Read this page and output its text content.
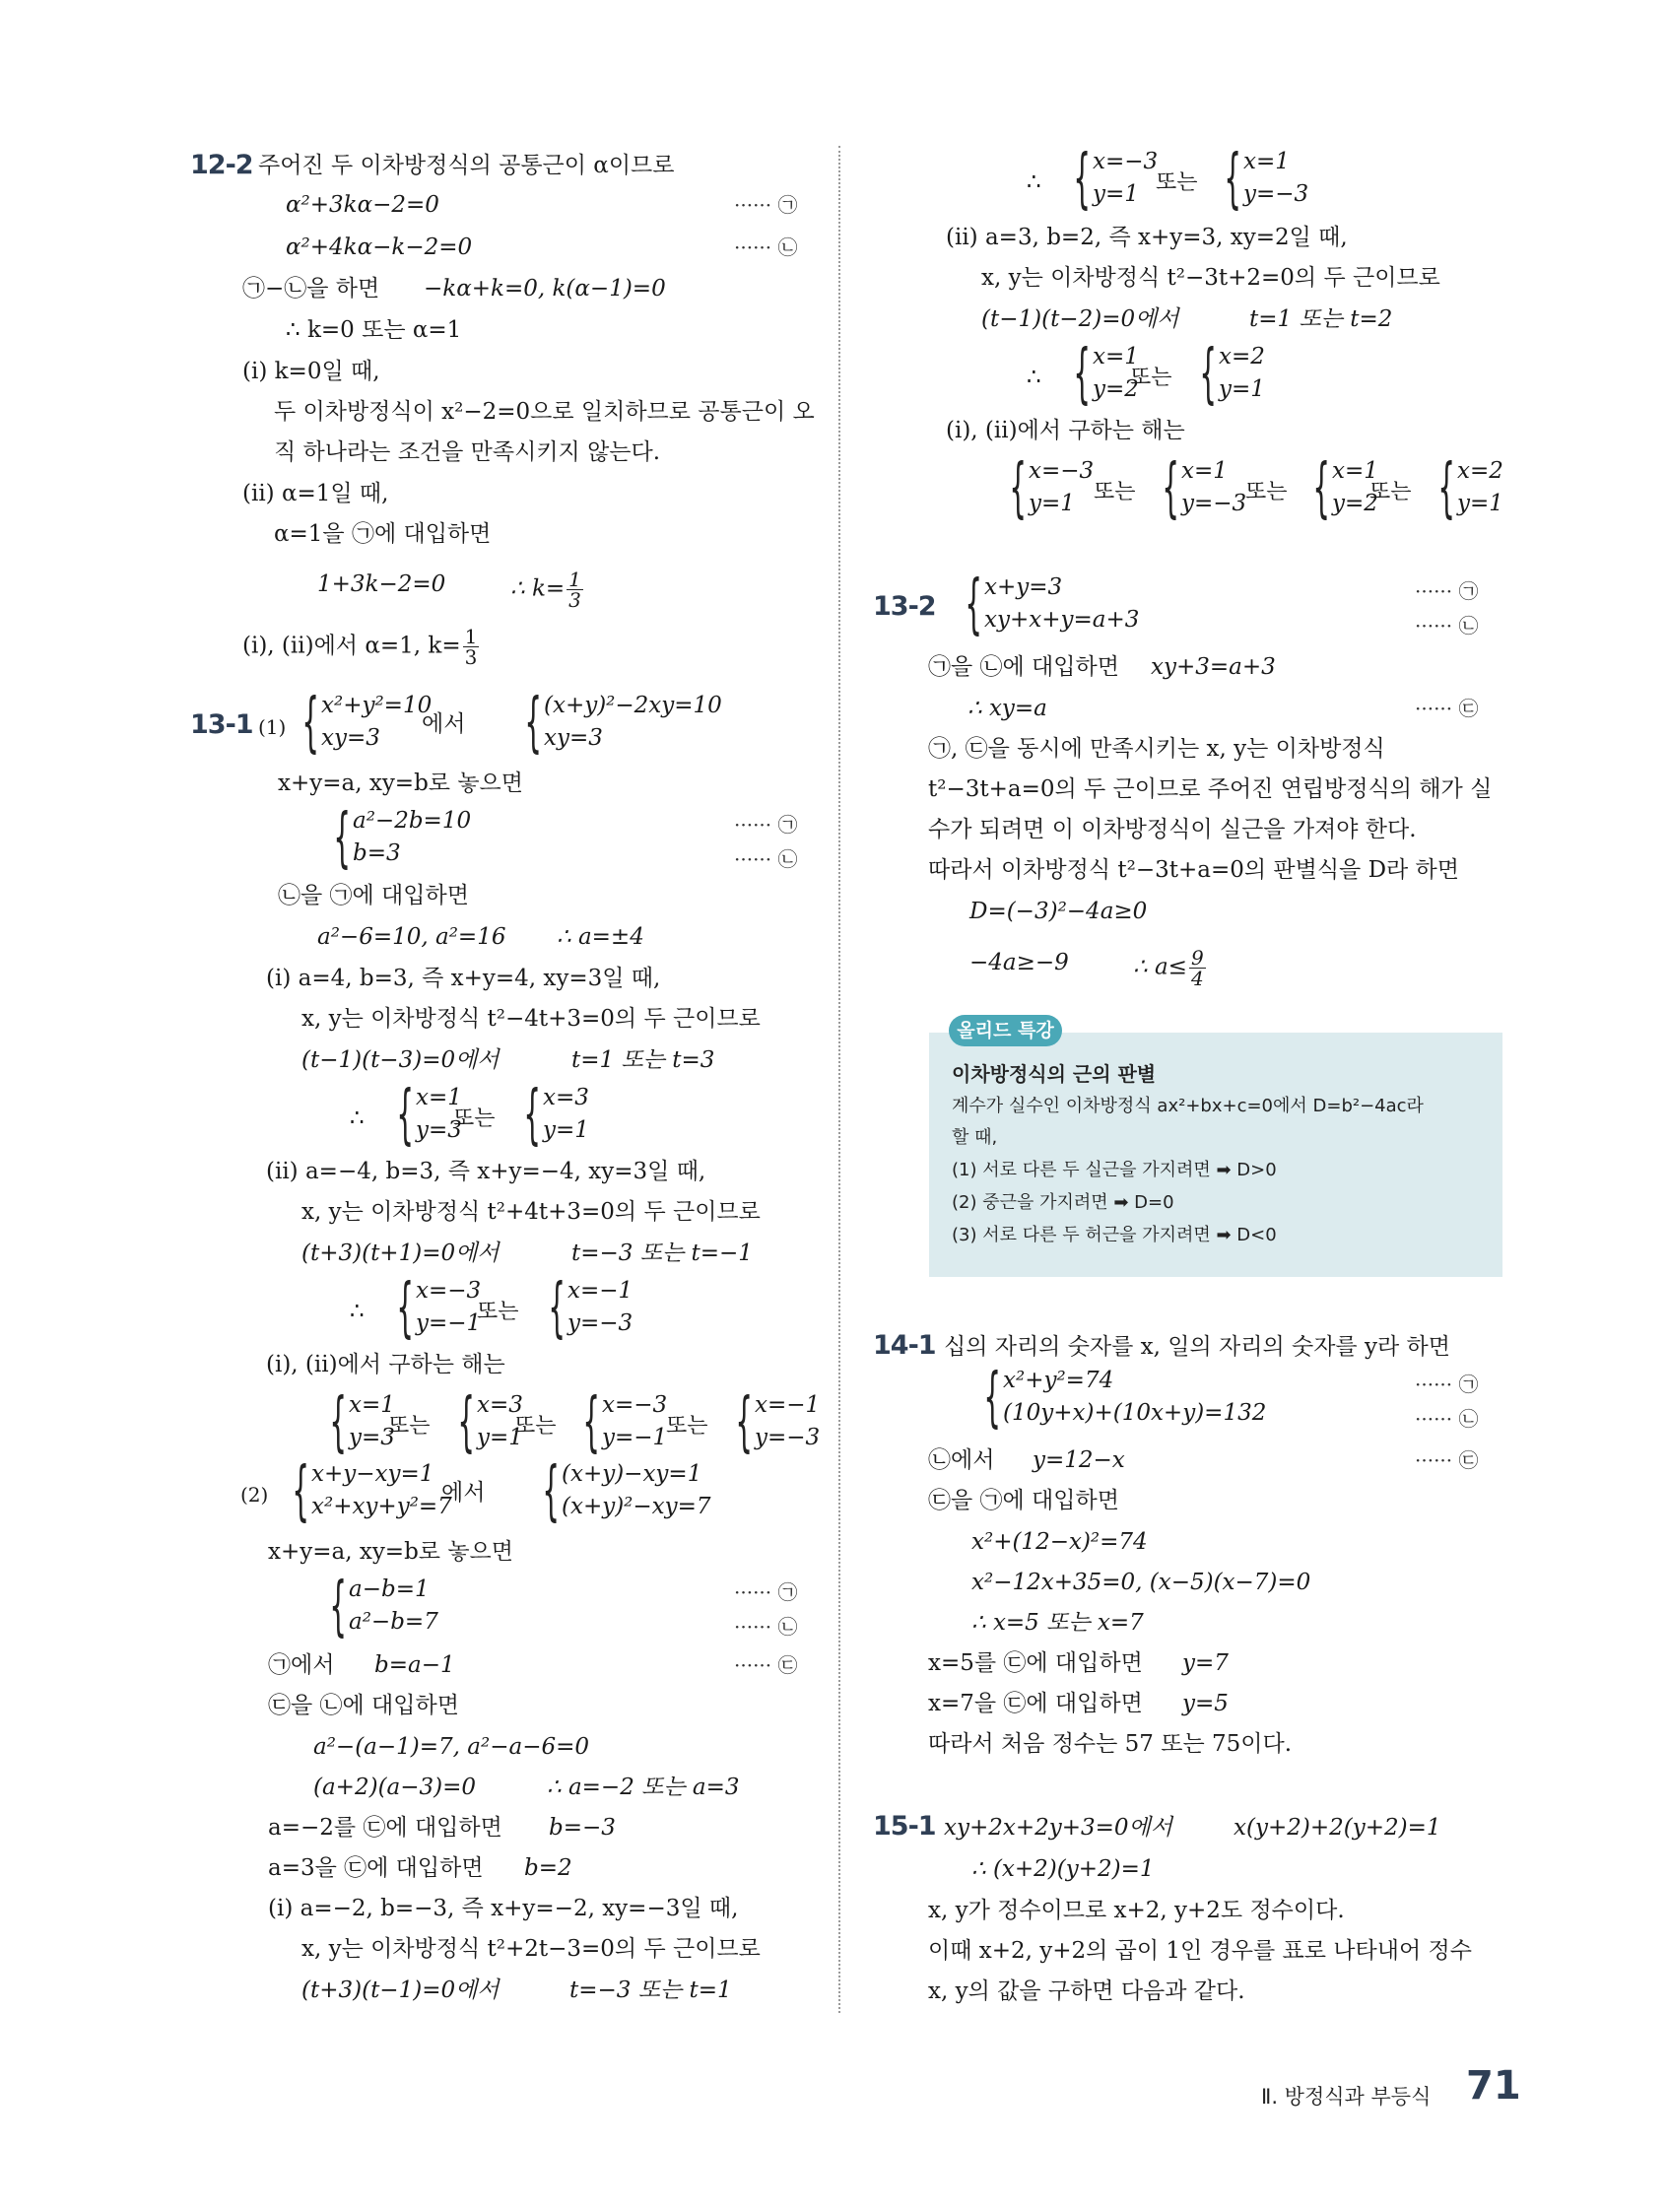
12-2 주어진 두 이차방정식의 공통근이 α이므로
α²+3kα−2=0	······ ㉠
α²+4kα−k−2=0	······ ㉡
㉠−㉡을 하면 −kα+k=0, k(α−1)=0
∴ k=0 또는 α=1
(ⅰ) k=0일 때,
두 이차방정식이 x²−2=0으로 일치하므로 공통근이 오
직 하나라는 조건을 만족시키지 않는다.
(ⅱ) α=1일 때,
α=1을 ㉠에 대입하면
1+3k−2=0	∴ $k= \frac{1}{3}$
(ⅰ), (ⅱ)에서 α=1, $k= \frac{1}{3}$
13-1 (1) { x²+y²=10
xy=3
에서 { (x+y)²−2xy=10
xy=3
x+y=a, xy=b로 놓으면
{ a²−2b=10
b=3
······ ㉠
······ ㉡
㉡을 ㉠에 대입하면
a²−6=10, a²=16 ∴ a=±4
(ⅰ) a=4, b=3, 즉 x+y=4, xy=3일 때,
x, y는 이차방정식 t²−4t+3=0의 두 근이므로
(t−1)(t−3)=0에서	t=1 또는 t=3
∴ { x=1
y=3
또는 { x=3
y=1
(ⅱ) a=−4, b=3, 즉 x+y=−4, xy=3일 때,
x, y는 이차방정식 t²+4t+3=0의 두 근이므로
(t+3)(t+1)=0에서	t=−3 또는 t=−1
∴ { x=−3
y=−1
또는 { x=−1
y=−3
(ⅰ), (ⅱ)에서 구하는 해는
{ x=1
y=3
또는 { x=3
y=1
또는 { x=−3
y=−1
또는 { x=−1
y=−3
(2) { x+y−xy=1
x²+xy+y²=7
에서 { (x+y)−xy=1
(x+y)²−xy=7
x+y=a, xy=b로 놓으면
{ a−b=1
a²−b=7
······ ㉠
······ ㉡
㉠에서 b=a−1	······ ㉢
㉢을 ㉡에 대입하면
a²−(a−1)=7, a²−a−6=0
(a+2)(a−3)=0	∴ a=−2 또는 a=3
a=−2를 ㉢에 대입하면 b=−3
a=3을 ㉢에 대입하면 b=2
(ⅰ) a=−2, b=−3, 즉 x+y=−2, xy=−3일 때,
x, y는 이차방정식 t²+2t−3=0의 두 근이므로
(t+3)(t−1)=0에서	t=−3 또는 t=1
∴ { x=−3
y=1 또는 { x=1
y=−3
(ⅱ) a=3, b=2, 즉 x+y=3, xy=2일 때,
x, y는 이차방정식 t²−3t+2=0의 두 근이므로
(t−1)(t−2)=0에서	t=1 또는 t=2
∴ { x=1
y=2
또는 { x=2
y=1
(ⅰ), (ⅱ)에서 구하는 해는
{ x=−3
y=1 또는 { x=1
y=−3
또는 { x=1
y=2
또는 { x=2
y=1
13-2 { x+y=3
xy+x+y=a+3
······ ㉠
······ ㉡
㉠을 ㉡에 대입하면 xy+3=a+3
∴ xy=a	······ ㉢
㉠, ㉢을 동시에 만족시키는 x, y는 이차방정식
t²−3t+a=0의 두 근이므로 주어진 연립방정식의 해가 실
수가 되려면 이 이차방정식이 실근을 가져야 한다.
따라서 이차방정식 t²−3t+a=0의 판별식을 D라 하면
D=(−3)²−4a≥0
−4a≥−9	∴ $a\le \frac{9}{4}$
올리드 특강
이차방정식의 근의 판별
계수가 실수인 이차방정식 ax²+bx+c=0에서 D=b²−4ac라
할 때,
(1) 서로 다른 두 실근을 가지려면 ➡ D>0
(2) 중근을 가지려면 ➡ D=0
(3) 서로 다른 두 허근을 가지려면 ➡ D<0
14-1 십의 자리의 숫자를 x, 일의 자리의 숫자를 y라 하면
{ x²+y²=74
(10y+x)+(10x+y)=132
······ ㉠
······ ㉡
㉡에서 y=12−x	······ ㉢
㉢을 ㉠에 대입하면
x²+(12−x)²=74
x²−12x+35=0, (x−5)(x−7)=0
∴ x=5 또는 x=7
x=5를 ㉢에 대입하면 y=7
x=7을 ㉢에 대입하면 y=5
따라서 처음 정수는 57 또는 75이다.
15-1 xy+2x+2y+3=0에서	x(y+2)+2(y+2)=1
∴ (x+2)(y+2)=1
x, y가 정수이므로 x+2, y+2도 정수이다.
이때 x+2, y+2의 곱이 1인 경우를 표로 나타내어 정수
x, y의 값을 구하면 다음과 같다.
Ⅱ. 방정식과 부등식 71
